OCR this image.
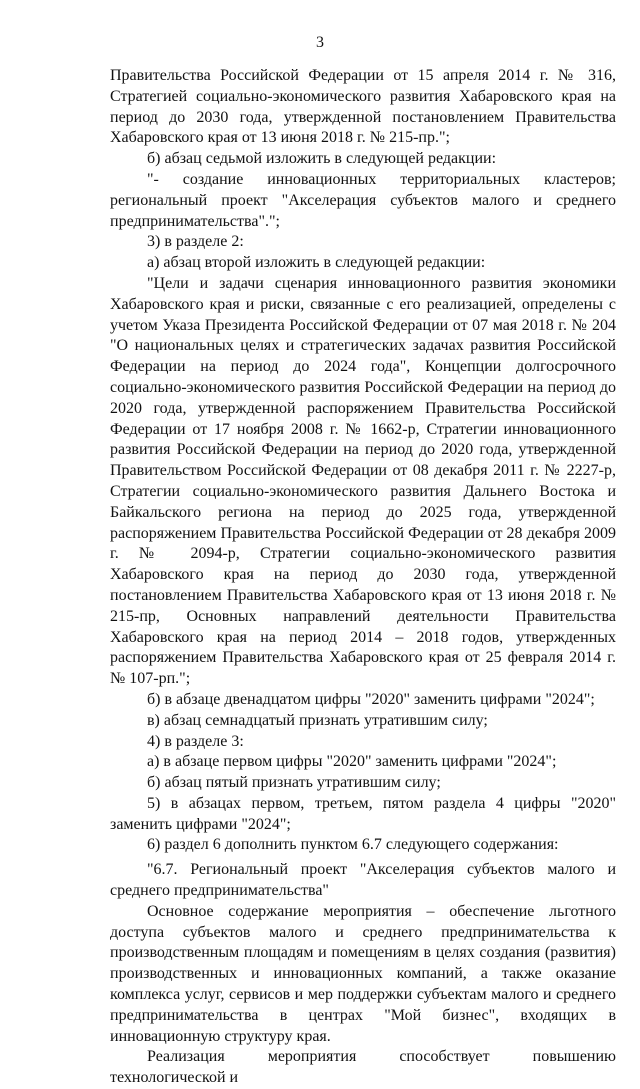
3

Правительства Российской Федерации от 15 апреля 2014 г. № 316, Стратегией социально-экономического развития Хабаровского края на период до 2030 года, утвержденной постановлением Правительства Хабаровского края от 13 июня 2018 г. № 215-пр.";

б) абзац седьмой изложить в следующей редакции:

"- создание инновационных территориальных кластеров; региональный проект "Акселерация субъектов малого и среднего предпринимательства".";

3) в разделе 2:

а) абзац второй изложить в следующей редакции:

"Цели и задачи сценария инновационного развития экономики Хабаровского края и риски, связанные с его реализацией, определены с учетом Указа Президента Российской Федерации от 07 мая 2018 г. № 204 "О национальных целях и стратегических задачах развития Российской Федерации на период до 2024 года", Концепции долгосрочного социально-экономического развития Российской Федерации на период до 2020 года, утвержденной распоряжением Правительства Российской Федерации от 17 ноября 2008 г. № 1662-р, Стратегии инновационного развития Российской Федерации на период до 2020 года, утвержденной Правительством Российской Федерации от 08 декабря 2011 г. № 2227-р, Стратегии социально-экономического развития Дальнего Востока и Байкальского региона на период до 2025 года, утвержденной распоряжением Правительства Российской Федерации от 28 декабря 2009 г. № 2094-р, Стратегии социально-экономического развития Хабаровского края на период до 2030 года, утвержденной постановлением Правительства Хабаровского края от 13 июня 2018 г. № 215-пр, Основных направлений деятельности Правительства Хабаровского края на период 2014 – 2018 годов, утвержденных распоряжением Правительства Хабаровского края от 25 февраля 2014 г. № 107-рп.";

б) в абзаце двенадцатом цифры "2020" заменить цифрами "2024";

в) абзац семнадцатый признать утратившим силу;

4) в разделе 3:

а) в абзаце первом цифры "2020" заменить цифрами "2024";

б) абзац пятый признать утратившим силу;

5) в абзацах первом, третьем, пятом раздела 4 цифры "2020" заменить цифрами "2024";

6) раздел 6 дополнить пунктом 6.7 следующего содержания:

"6.7. Региональный проект "Акселерация субъектов малого и среднего предпринимательства"

Основное содержание мероприятия – обеспечение льготного доступа субъектов малого и среднего предпринимательства к производственным площадям и помещениям в целях создания (развития) производственных и инновационных компаний, а также оказание комплекса услуг, сервисов и мер поддержки субъектам малого и среднего предпринимательства в центрах "Мой бизнес", входящих в инновационную структуру края.

Реализация мероприятия способствует повышению технологической и
